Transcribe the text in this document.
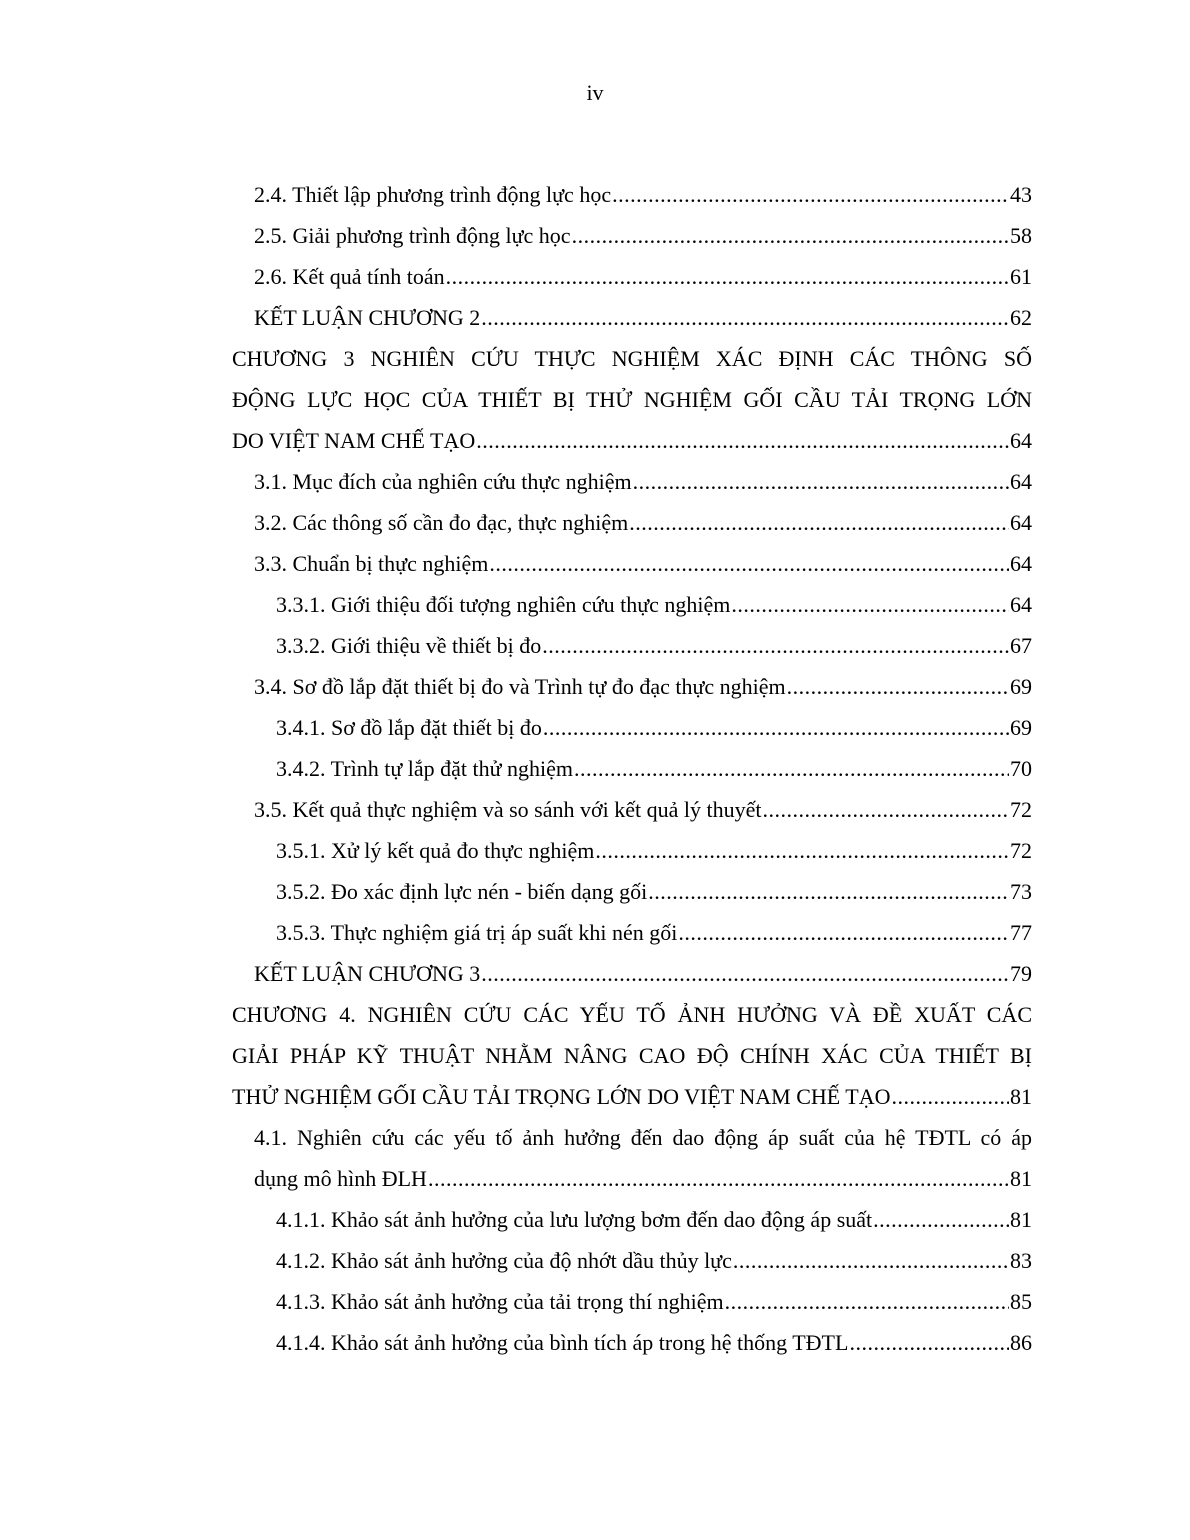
iv
2.4. Thiết lập phương trình động lực học .....	43
2.5. Giải phương trình động lực học .....	58
2.6. Kết quả tính toán .....	61
KẾT LUẬN CHƯƠNG 2 .....	62
CHƯƠNG 3 NGHIÊN CỨU THỰC NGHIỆM XÁC ĐỊNH CÁC THÔNG SỐ
ĐỘNG LỰC HỌC CỦA THIẾT BỊ THỬ NGHIỆM GỐI CẦU TẢI TRỌNG LỚN
DO VIỆT NAM CHẾ TẠO .....	64
3.1. Mục đích của nghiên cứu thực nghiệm .....	64
3.2. Các thông số cần đo đạc, thực nghiệm .....	64
3.3. Chuẩn bị thực nghiệm .....	64
3.3.1. Giới thiệu đối tượng nghiên cứu thực nghiệm .....	64
3.3.2. Giới thiệu về thiết bị đo .....	67
3.4. Sơ đồ lắp đặt thiết bị đo và Trình tự đo đạc thực nghiệm .....	69
3.4.1. Sơ đồ lắp đặt thiết bị đo .....	69
3.4.2. Trình tự lắp đặt thử nghiệm .....	70
3.5. Kết quả thực nghiệm và so sánh với kết quả lý thuyết .....	72
3.5.1. Xử lý kết quả đo thực nghiệm .....	72
3.5.2. Đo xác định lực nén - biến dạng gối .....	73
3.5.3. Thực nghiệm giá trị áp suất khi nén gối .....	77
KẾT LUẬN CHƯƠNG 3 .....	79
CHƯƠNG 4. NGHIÊN CỨU CÁC YẾU TỐ ẢNH HƯỞNG VÀ ĐỀ XUẤT CÁC
GIẢI PHÁP KỸ THUẬT NHẰM NÂNG CAO ĐỘ CHÍNH XÁC CỦA THIẾT BỊ
THỬ NGHIỆM GỐI CẦU TẢI TRỌNG LỚN DO VIỆT NAM CHẾ TẠO .....	81
4.1. Nghiên cứu các yếu tố ảnh hưởng đến dao động áp suất của hệ TĐTL có áp
dụng mô hình ĐLH .....	81
4.1.1. Khảo sát ảnh hưởng của lưu lượng bơm đến dao động áp suất .....	81
4.1.2. Khảo sát ảnh hưởng của độ nhớt dầu thủy lực .....	83
4.1.3. Khảo sát ảnh hưởng của tải trọng thí nghiệm .....	85
4.1.4. Khảo sát ảnh hưởng của bình tích áp trong hệ thống TĐTL .....	86
